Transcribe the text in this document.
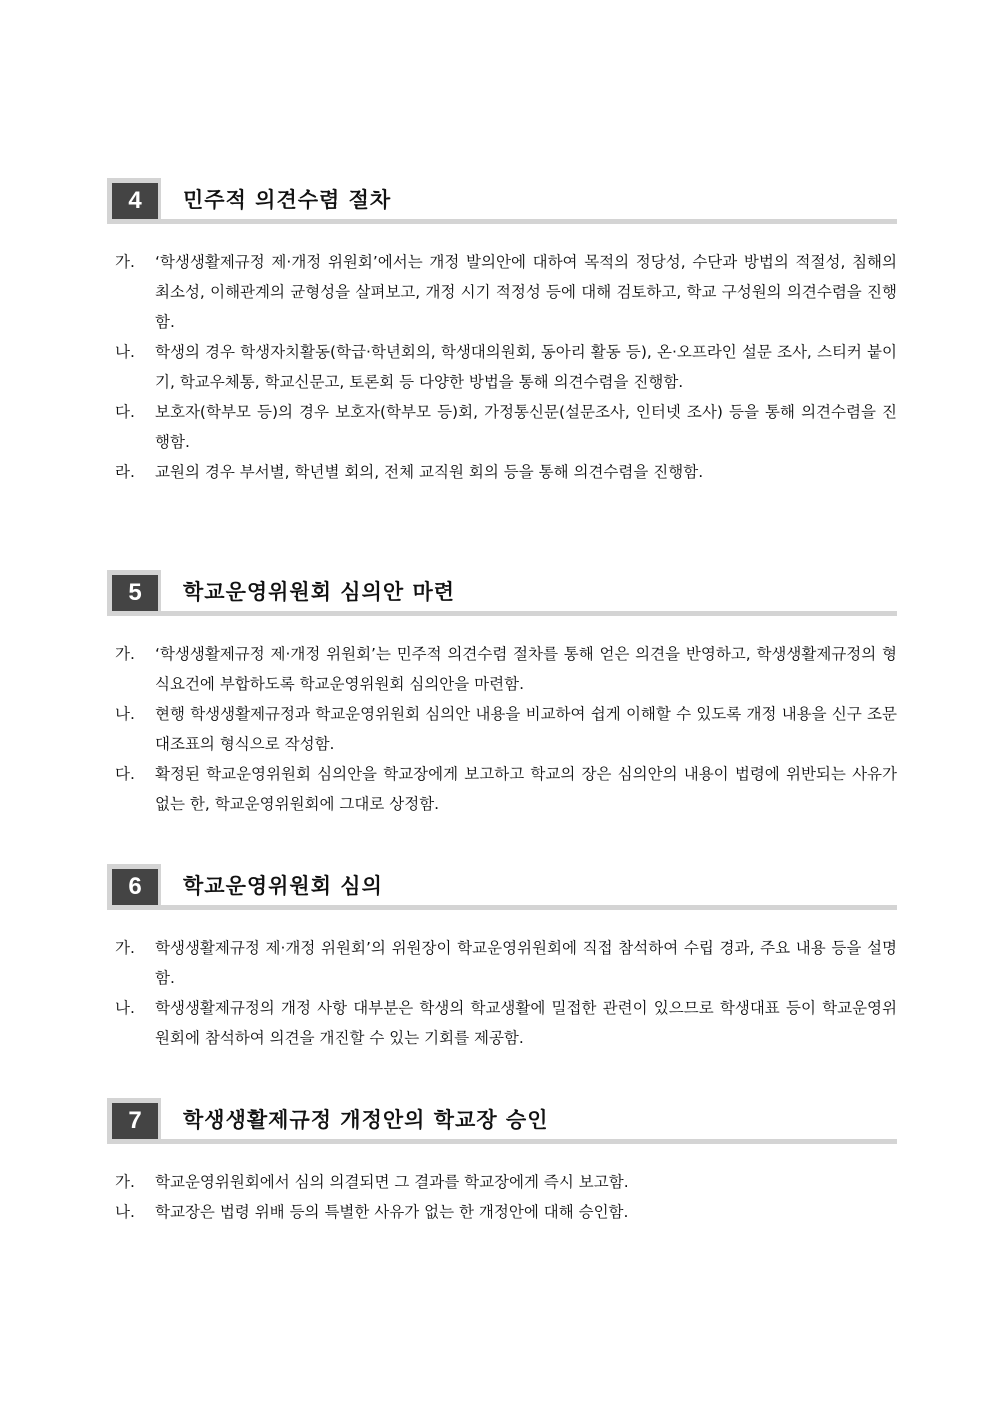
4	민주적 의견수렴 절차
가. ‘학생생활제규정 제·개정 위원회’에서는 개정 발의안에 대하여 목적의 정당성, 수단과 방법의 적절성, 침해의 최소성, 이해관계의 균형성을 살펴보고, 개정 시기 적정성 등에 대해 검토하고, 학교 구성원의 의견수렴을 진행함.
나. 학생의 경우 학생자치활동(학급·학년회의, 학생대의원회, 동아리 활동 등), 온·오프라인 설문 조사, 스티커 붙이기, 학교우체통, 학교신문고, 토론회 등 다양한 방법을 통해 의견수렴을 진행함.
다. 보호자(학부모 등)의 경우 보호자(학부모 등)회, 가정통신문(설문조사, 인터넷 조사) 등을 통해 의견수렴을 진행함.
라. 교원의 경우 부서별, 학년별 회의, 전체 교직원 회의 등을 통해 의견수렴을 진행함.
5	학교운영위원회 심의안 마련
가. ‘학생생활제규정 제·개정 위원회’는 민주적 의견수렴 절차를 통해 얻은 의견을 반영하고, 학생생활제규정의 형식요건에 부합하도록 학교운영위원회 심의안을 마련함.
나. 현행 학생생활제규정과 학교운영위원회 심의안 내용을 비교하여 쉽게 이해할 수 있도록 개정 내용을 신구 조문 대조표의 형식으로 작성함.
다. 확정된 학교운영위원회 심의안을 학교장에게 보고하고 학교의 장은 심의안의 내용이 법령에 위반되는 사유가 없는 한, 학교운영위원회에 그대로 상정함.
6	학교운영위원회 심의
가. 학생생활제규정 제·개정 위원회’의 위원장이 학교운영위원회에 직접 참석하여 수립 경과, 주요 내용 등을 설명함.
나. 학생생활제규정의 개정 사항 대부분은 학생의 학교생활에 밀접한 관련이 있으므로 학생대표 등이 학교운영위원회에 참석하여 의견을 개진할 수 있는 기회를 제공함.
7	학생생활제규정 개정안의 학교장 승인
가. 학교운영위원회에서 심의 의결되면 그 결과를 학교장에게 즉시 보고함.
나. 학교장은 법령 위배 등의 특별한 사유가 없는 한 개정안에 대해 승인함.
